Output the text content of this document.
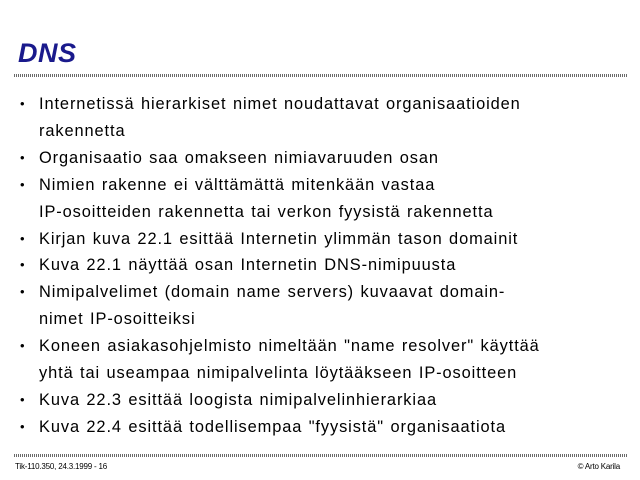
DNS
• Internetissä hierarkiset nimet noudattavat organisaatioiden
rakennetta
• Organisaatio saa omakseen nimiavaruuden osan
• Nimien rakenne ei välttämättä mitenkään vastaa
IP-osoitteiden rakennetta tai verkon fyysistä rakennetta
• Kirjan kuva 22.1 esittää Internetin ylimmän tason domainit
• Kuva 22.1 näyttää osan Internetin DNS-nimipuusta
• Nimipalvelimet (domain name servers) kuvaavat domain-
nimet IP-osoitteiksi
• Koneen asiakasohjelmisto nimeltään "name resolver" käyttää
yhtä tai useampaa nimipalvelinta löytääkseen IP-osoitteen
• Kuva 22.3 esittää loogista nimipalvelinhierarkiaa
• Kuva 22.4 esittää todellisempaa "fyysistä" organisaatiota
Tik-110.350, 24.3.1999 - 16	© Arto Karila
